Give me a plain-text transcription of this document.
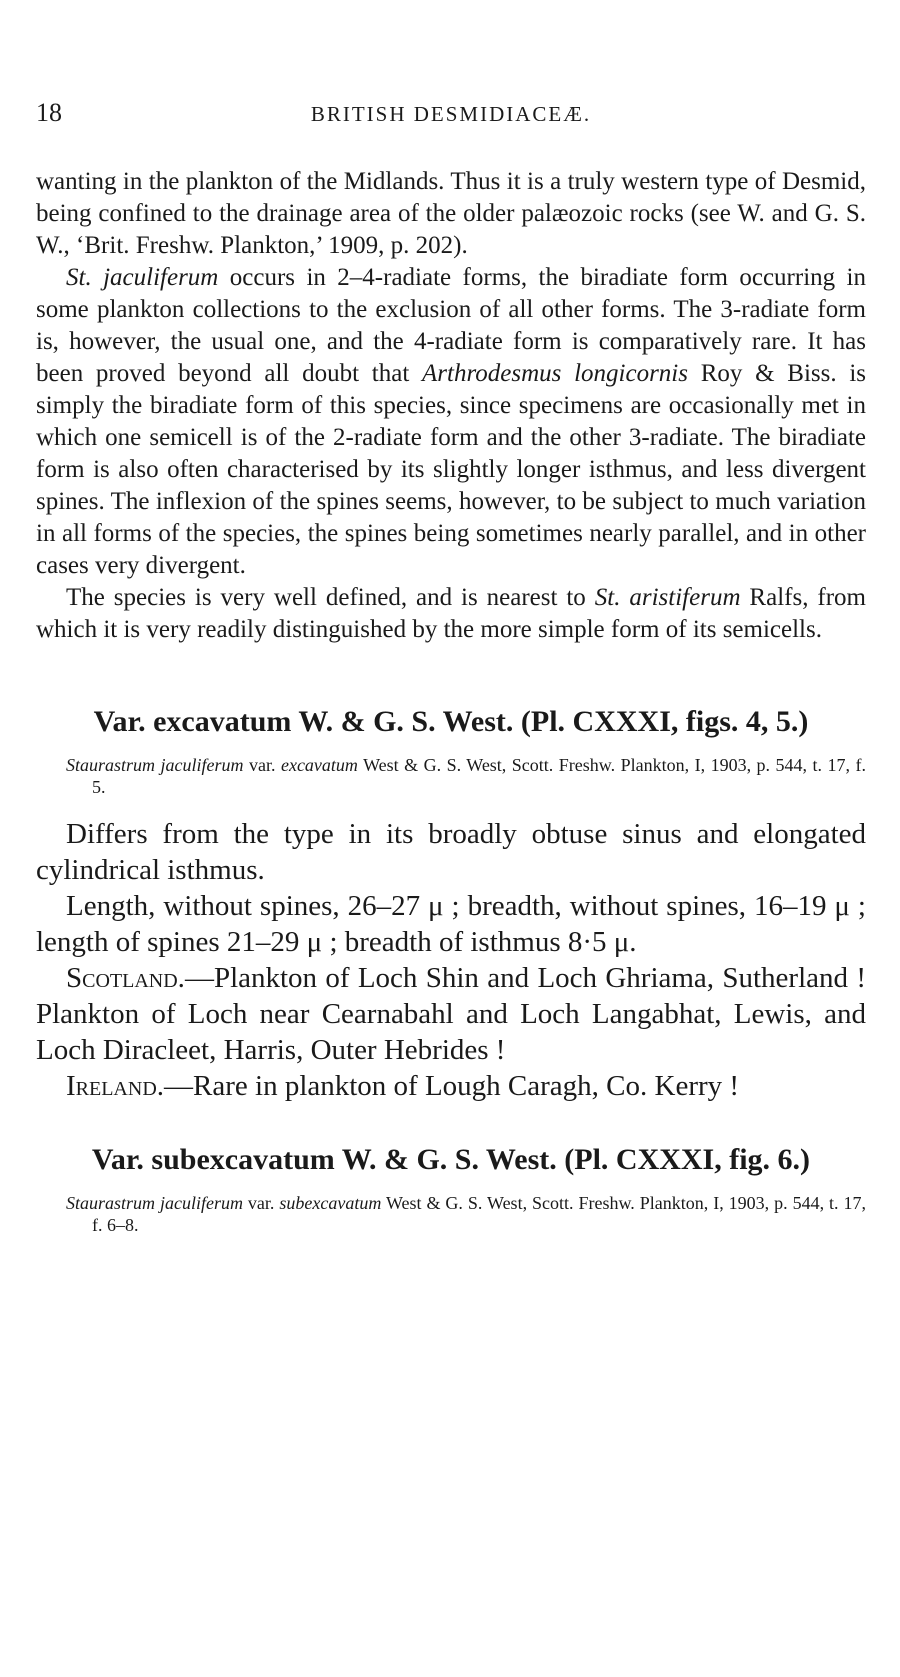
18	BRITISH DESMIDIACEÆ.

wanting in the plankton of the Midlands. Thus it is a truly western type of Desmid, being confined to the drainage area of the older palæozoic rocks (see W. and G. S. W., ‘Brit. Freshw. Plankton,’ 1909, p. 202).

St. jaculiferum occurs in 2–4-radiate forms, the biradiate form occurring in some plankton collections to the exclusion of all other forms. The 3-radiate form is, however, the usual one, and the 4-radiate form is comparatively rare. It has been proved beyond all doubt that Arthrodesmus longicornis Roy & Biss. is simply the biradiate form of this species, since specimens are occasionally met in which one semicell is of the 2-radiate form and the other 3-radiate. The biradiate form is also often characterised by its slightly longer isthmus, and less divergent spines. The inflexion of the spines seems, however, to be subject to much variation in all forms of the species, the spines being sometimes nearly parallel, and in other cases very divergent.

The species is very well defined, and is nearest to St. aristiferum Ralfs, from which it is very readily distinguished by the more simple form of its semicells.

Var. excavatum W. & G. S. West. (Pl. CXXXI, figs. 4, 5.)

Staurastrum jaculiferum var. excavatum West & G. S. West, Scott. Freshw. Plankton, I, 1903, p. 544, t. 17, f. 5.

Differs from the type in its broadly obtuse sinus and elongated cylindrical isthmus.

Length, without spines, 26–27 μ ; breadth, without spines, 16–19 μ ; length of spines 21–29 μ ; breadth of isthmus 8·5 μ.

Scotland.—Plankton of Loch Shin and Loch Ghriama, Sutherland ! Plankton of Loch near Cearnabahl and Loch Langabhat, Lewis, and Loch Diracleet, Harris, Outer Hebrides !

Ireland.—Rare in plankton of Lough Caragh, Co. Kerry !

Var. subexcavatum W. & G. S. West. (Pl. CXXXI, fig. 6.)

Staurastrum jaculiferum var. subexcavatum West & G. S. West, Scott. Freshw. Plankton, I, 1903, p. 544, t. 17, f. 6–8.
